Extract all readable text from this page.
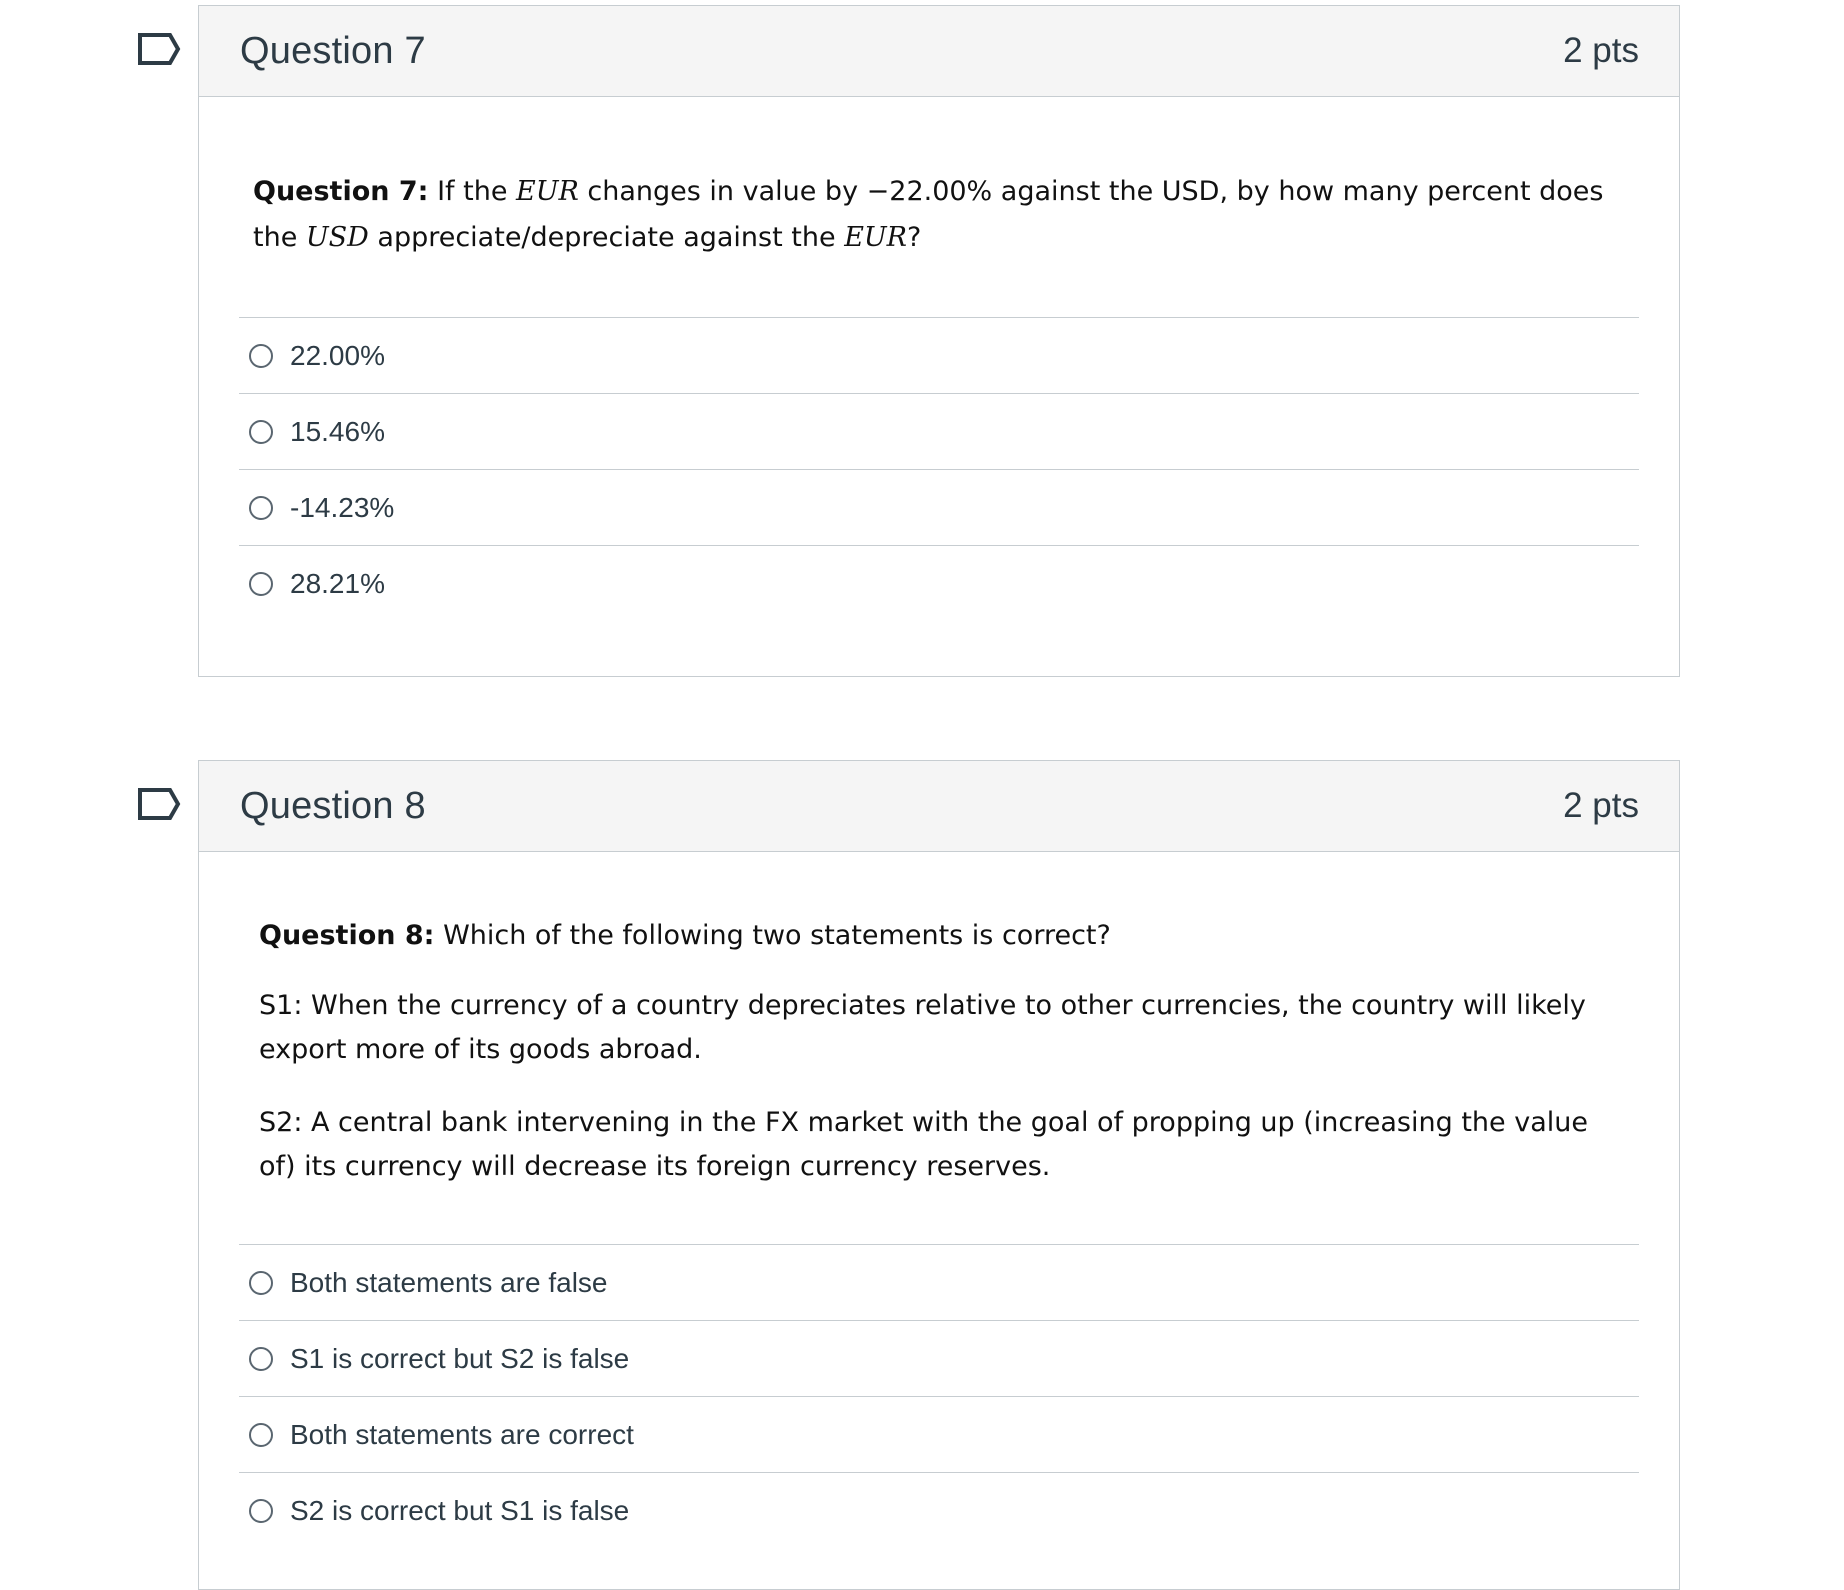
Question 7	2 pts

Question 7: If the EUR changes in value by −22.00% against the USD, by how many percent does the USD appreciate/depreciate against the EUR?

22.00%
15.46%
-14.23%
28.21%
Question 8	2 pts

Question 8: Which of the following two statements is correct?

S1: When the currency of a country depreciates relative to other currencies, the country will likely export more of its goods abroad.

S2: A central bank intervening in the FX market with the goal of propping up (increasing the value of) its currency will decrease its foreign currency reserves.

Both statements are false
S1 is correct but S2 is false
Both statements are correct
S2 is correct but S1 is false
